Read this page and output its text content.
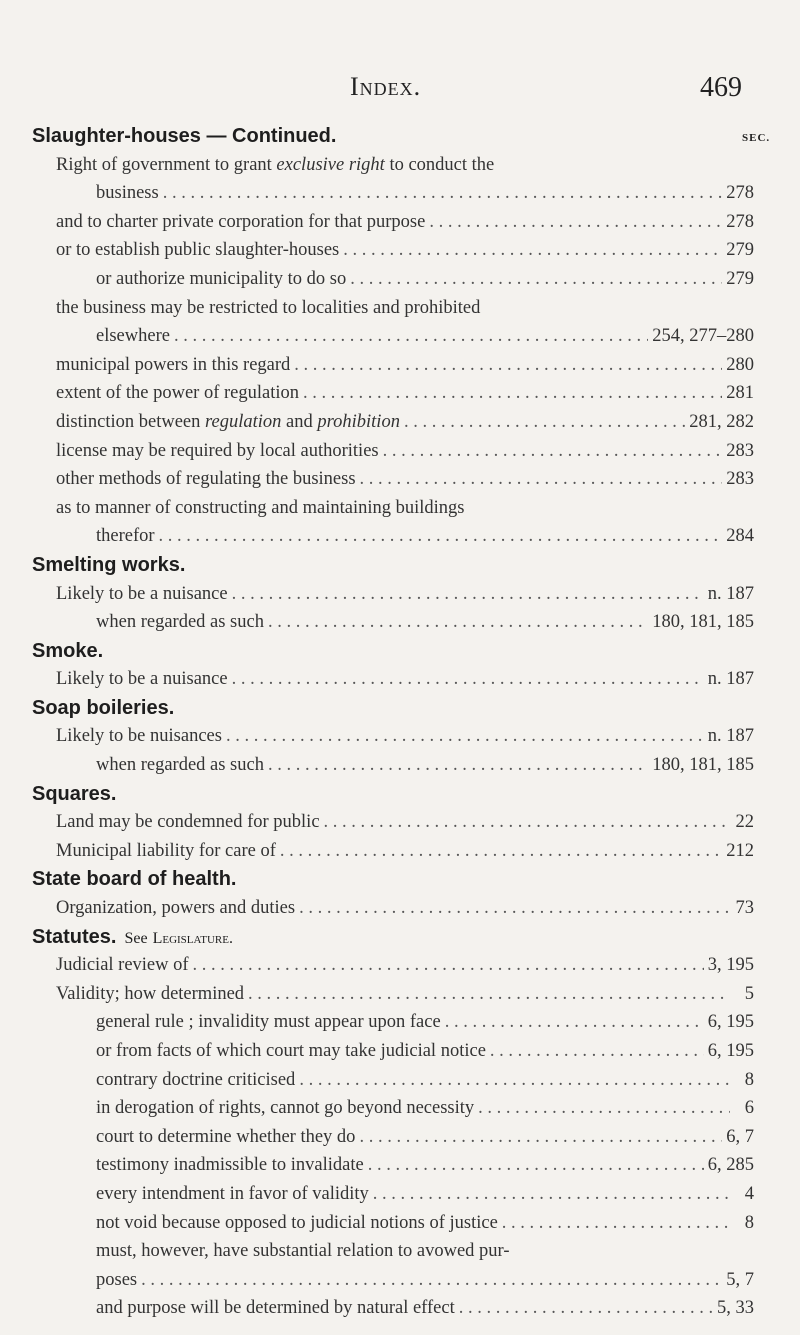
Index.	469
Slaughter-houses — Continued.	SEC.
Right of government to grant exclusive right to conduct the
business . . .	278
and to charter private corporation for that purpose . . .	278
or to establish public slaughter-houses . . .	279
or authorize municipality to do so . . .	279
the business may be restricted to localities and prohibited
elsewhere . . .	254, 277–280
municipal powers in this regard . . .	280
extent of the power of regulation . . .	281
distinction between regulation and prohibition . . .	281, 282
license may be required by local authorities . . .	283
other methods of regulating the business . . .	283
as to manner of constructing and maintaining buildings
therefor . . .	284
Smelting works.
Likely to be a nuisance . . .	n. 187
when regarded as such . . .	180, 181, 185
Smoke.
Likely to be a nuisance . . .	n. 187
Soap boileries.
Likely to be nuisances . . .	n. 187
when regarded as such . . .	180, 181, 185
Squares.
Land may be condemned for public . . .	22
Municipal liability for care of . . .	212
State board of health.
Organization, powers and duties . . .	73
Statutes. See Legislature.
Judicial review of . . .	3, 195
Validity; how determined . . .	5
general rule ; invalidity must appear upon face . . .	6, 195
or from facts of which court may take judicial notice . . .	6, 195
contrary doctrine criticised . . .	8
in derogation of rights, cannot go beyond necessity . . .	6
court to determine whether they do . . .	6, 7
testimony inadmissible to invalidate . . .	6, 285
every intendment in favor of validity . . .	4
not void because opposed to judicial notions of justice . . .	8
must, however, have substantial relation to avowed pur-
poses . . .	5, 7
and purpose will be determined by natural effect . . .	5, 33
